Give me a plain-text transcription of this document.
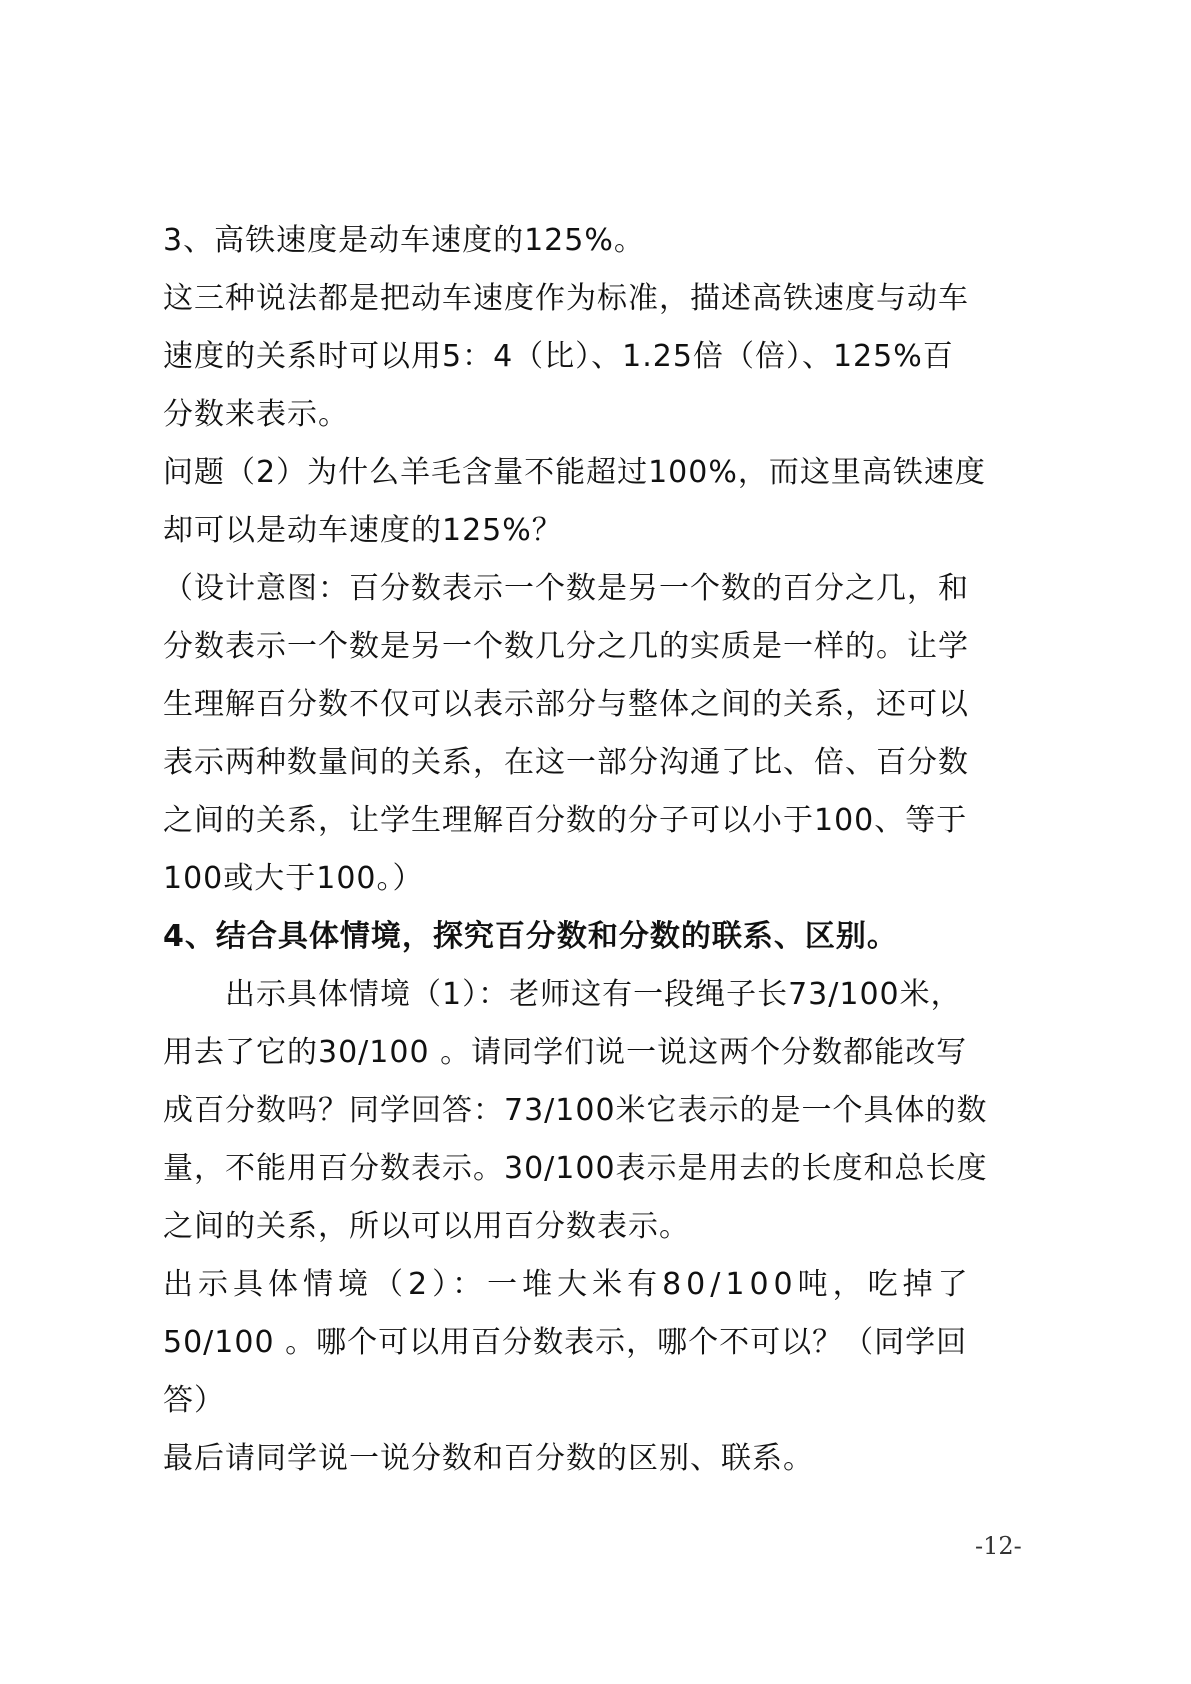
3、高铁速度是动车速度的125%。
这三种说法都是把动车速度作为标准，描述高铁速度与动车
速度的关系时可以用5：4（比）、1.25倍（倍）、125%百
分数来表示。
问题（2）为什么羊毛含量不能超过100%，而这里高铁速度
却可以是动车速度的125%？
（设计意图：百分数表示一个数是另一个数的百分之几，和
分数表示一个数是另一个数几分之几的实质是一样的。让学
生理解百分数不仅可以表示部分与整体之间的关系，还可以
表示两种数量间的关系，在这一部分沟通了比、倍、百分数
之间的关系，让学生理解百分数的分子可以小于100、等于
100或大于100。）
4、结合具体情境，探究百分数和分数的联系、区别。
出示具体情境（1）：老师这有一段绳子长73/100米，
用去了它的30/100 。请同学们说一说这两个分数都能改写
成百分数吗？同学回答：73/100米它表示的是一个具体的数
量，不能用百分数表示。30/100表示是用去的长度和总长度
之间的关系，所以可以用百分数表示。
出示具体情境（2）：一堆大米有80/100吨，吃掉了
50/100 。哪个可以用百分数表示，哪个不可以？（同学回
答）
最后请同学说一说分数和百分数的区别、联系。
-12-
